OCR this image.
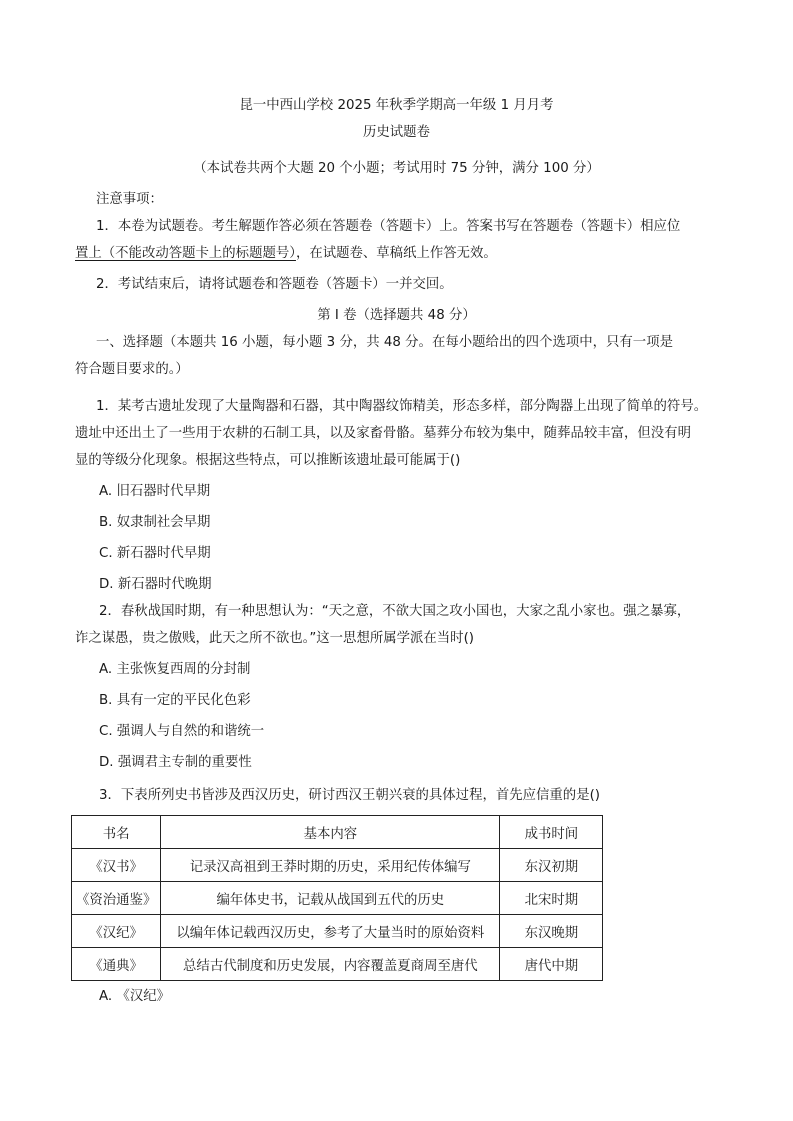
昆一中西山学校 2025 年秋季学期高一年级 1 月月考
历史试题卷
（本试卷共两个大题 20 个小题；考试用时 75 分钟，满分 100 分）
注意事项：
1．本卷为试题卷。考生解题作答必须在答题卷（答题卡）上。答案书写在答题卷（答题卡）相应位
置上（不能改动答题卡上的标题题号），在试题卷、草稿纸上作答无效。
2．考试结束后，请将试题卷和答题卷（答题卡）一并交回。
第 I 卷（选择题共 48 分）
一、选择题（本题共 16 小题，每小题 3 分，共 48 分。在每小题给出的四个选项中，只有一项是
符合题目要求的。）
1．某考古遗址发现了大量陶器和石器，其中陶器纹饰精美，形态多样，部分陶器上出现了简单的符号。
遗址中还出土了一些用于农耕的石制工具，以及家畜骨骼。墓葬分布较为集中，随葬品较丰富，但没有明
显的等级分化现象。根据这些特点，可以推断该遗址最可能属于()
A. 旧石器时代早期
B. 奴隶制社会早期
C. 新石器时代早期
D. 新石器时代晚期
2．春秋战国时期，有一种思想认为：“天之意，不欲大国之攻小国也，大家之乱小家也。强之暴寡，
诈之谋愚，贵之傲贱，此天之所不欲也。”这一思想所属学派在当时()
A. 主张恢复西周的分封制
B. 具有一定的平民化色彩
C. 强调人与自然的和谐统一
D. 强调君主专制的重要性
3．下表所列史书皆涉及西汉历史，研讨西汉王朝兴衰的具体过程，首先应信重的是()
书名	基本内容	成书时间
《汉书》	记录汉高祖到王莽时期的历史，采用纪传体编写	东汉初期
《资治通鉴》	编年体史书，记载从战国到五代的历史	北宋时期
《汉纪》	以编年体记载西汉历史，参考了大量当时的原始资料	东汉晚期
《通典》	总结古代制度和历史发展，内容覆盖夏商周至唐代	唐代中期
A. 《汉纪》
